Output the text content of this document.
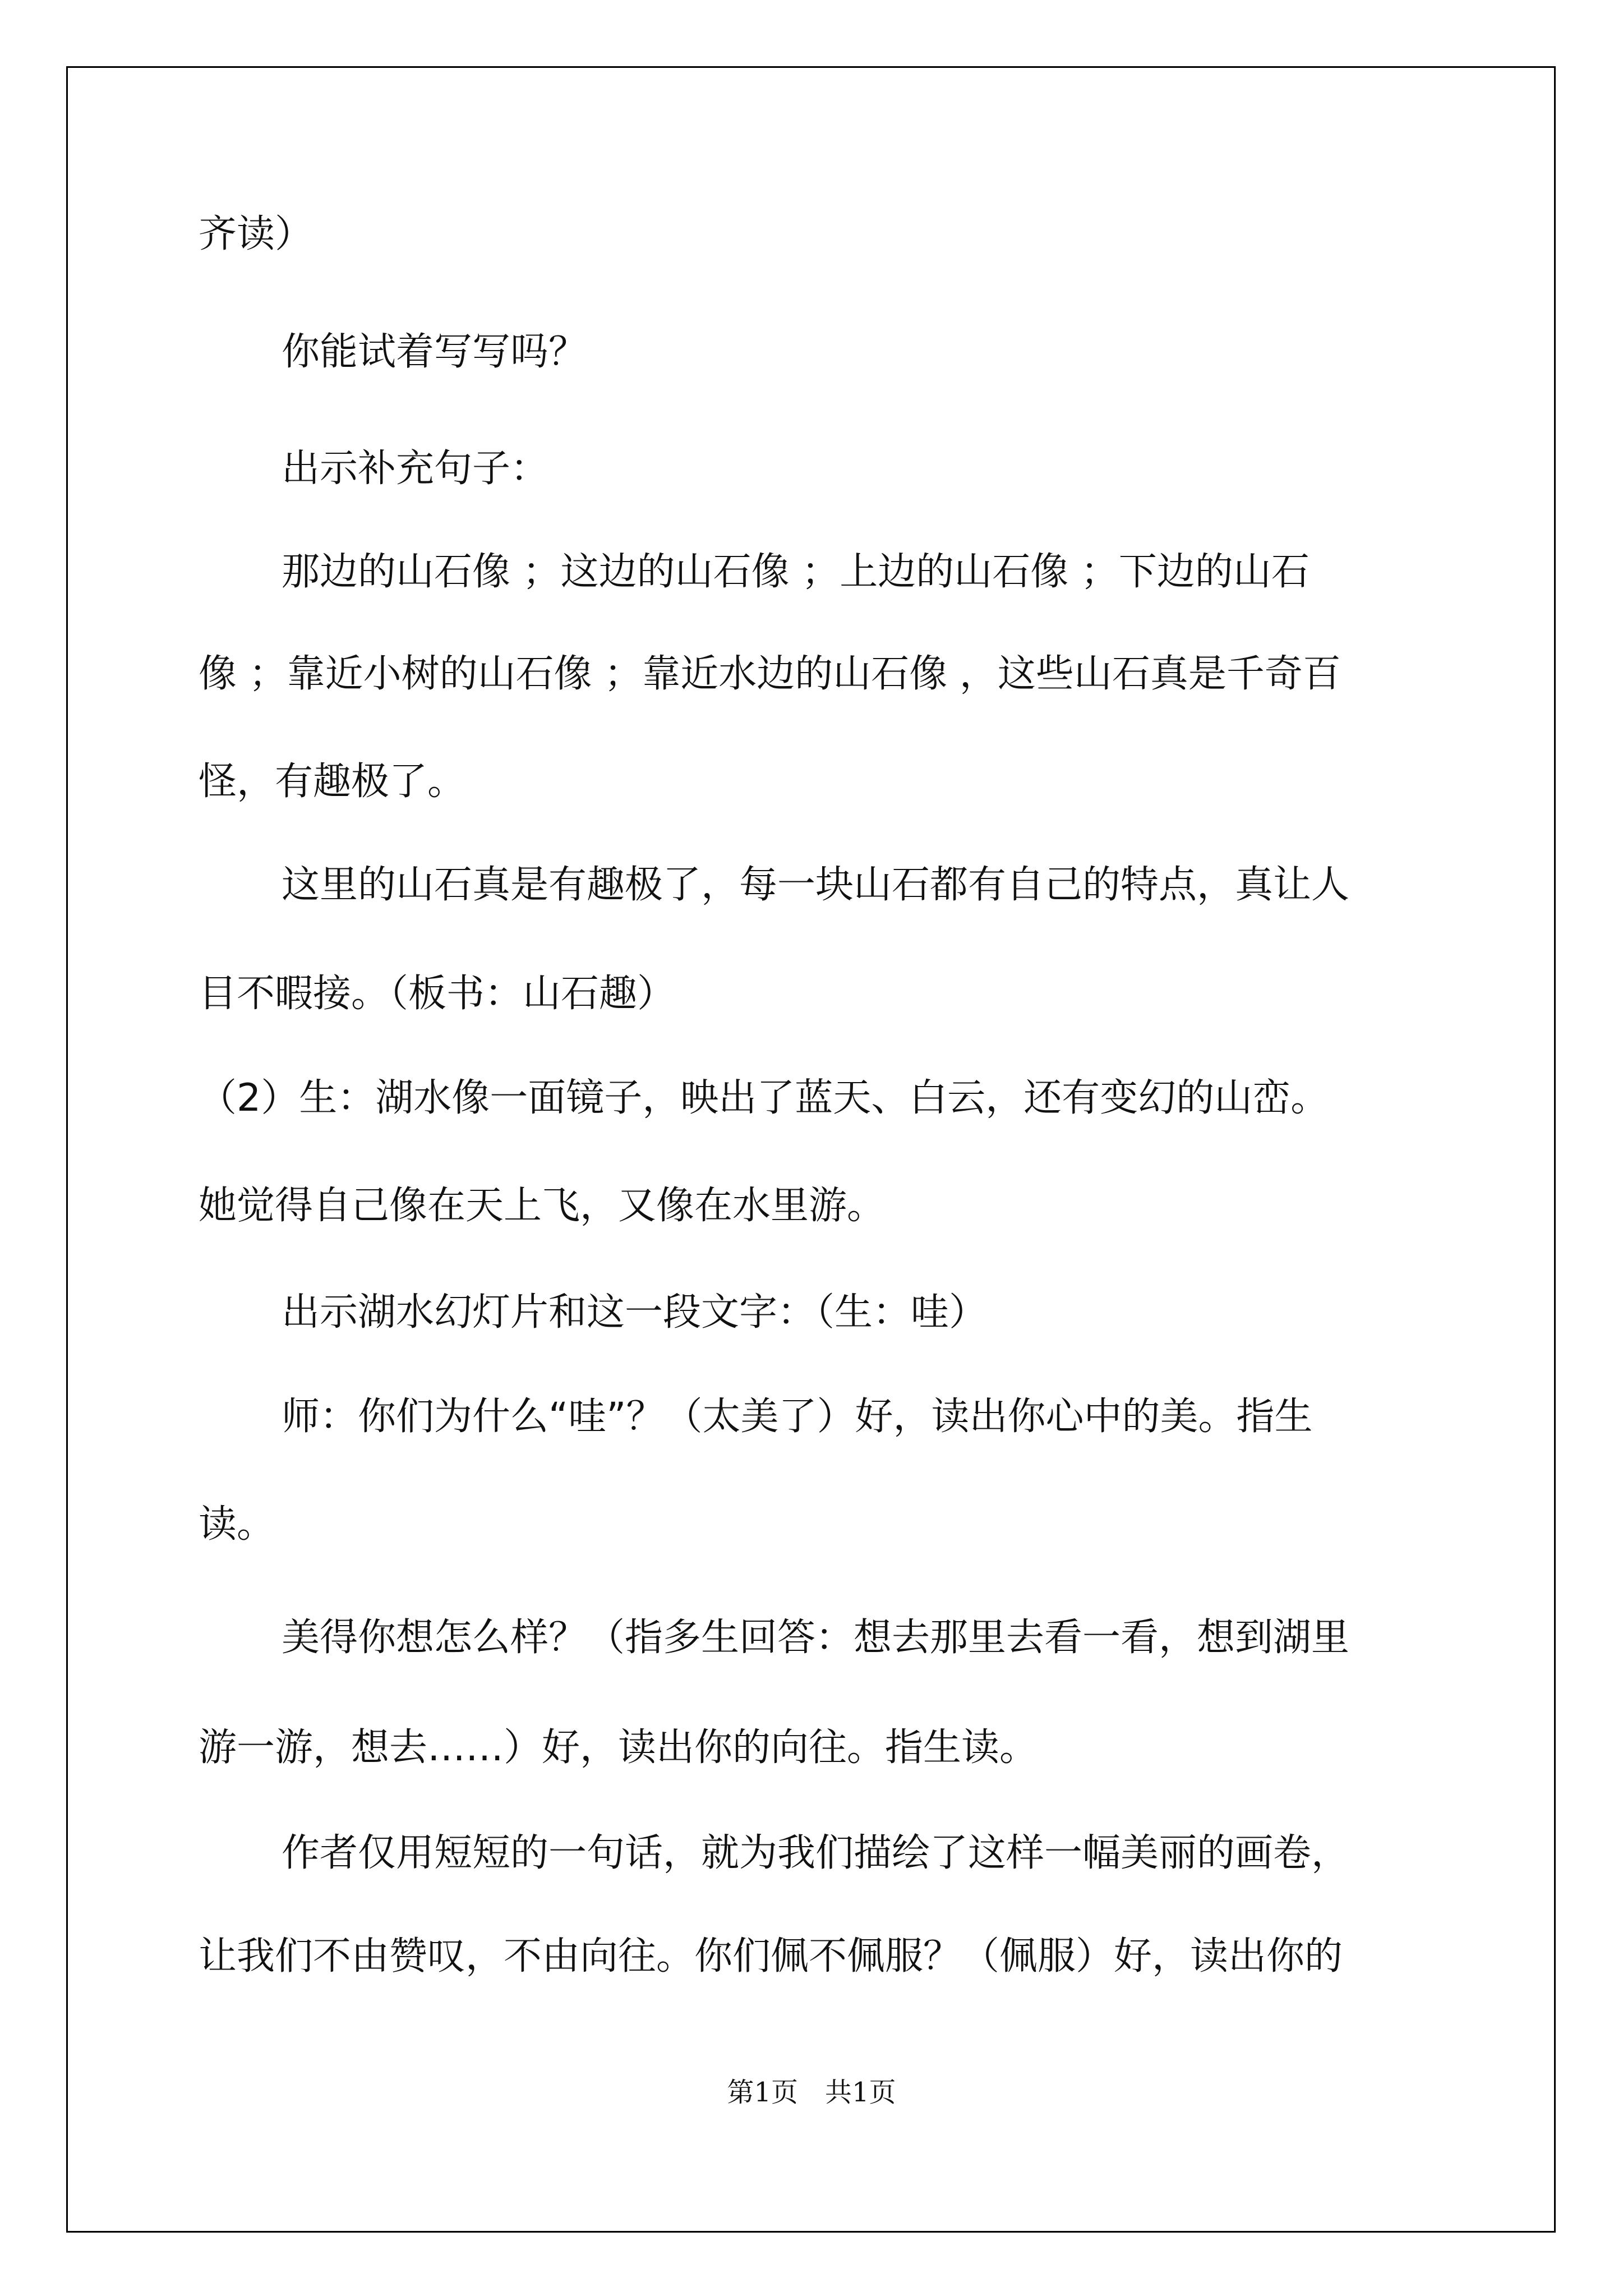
齐读）
你能试着写写吗？
出示补充句子：
那边的山石像 ；这边的山石像 ；上边的山石像 ；下边的山石
像 ；靠近小树的山石像 ；靠近水边的山石像 ，这些山石真是千奇百
怪，有趣极了。
这里的山石真是有趣极了，每一块山石都有自己的特点，真让人
目不暇接。（板书：山石趣）
（2）生：湖水像一面镜子，映出了蓝天、白云，还有变幻的山峦。
她觉得自己像在天上飞，又像在水里游。
出示湖水幻灯片和这一段文字：（生：哇）
师：你们为什么“哇”？（太美了）好，读出你心中的美。指生
读。
美得你想怎么样？（指多生回答：想去那里去看一看，想到湖里
游一游，想去……）好，读出你的向往。指生读。
作者仅用短短的一句话，就为我们描绘了这样一幅美丽的画卷，
让我们不由赞叹，不由向往。你们佩不佩服？（佩服）好，读出你的
第1页　共1页
